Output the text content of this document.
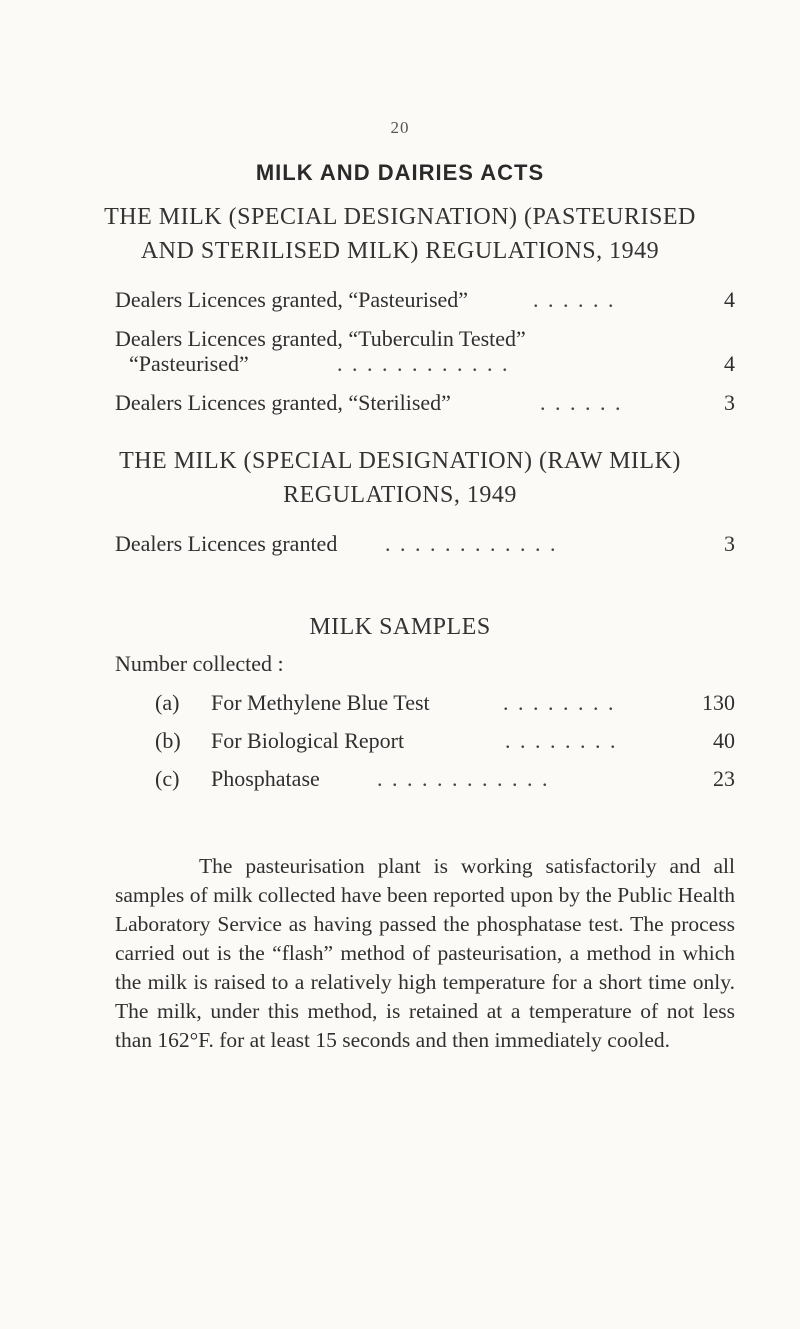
20
MILK AND DAIRIES ACTS
THE MILK (SPECIAL DESIGNATION) (PASTEURISED
AND STERILISED MILK) REGULATIONS, 1949
Dealers Licences granted, “Pasteurised”	. . . . . .	4
Dealers Licences granted, “Tuberculin Tested”
“Pasteurised”	. . . . . . . . . . . .	4
Dealers Licences granted, “Sterilised”	. . . . . .	3
THE MILK (SPECIAL DESIGNATION) (RAW MILK)
REGULATIONS, 1949
Dealers Licences granted . . . . . . . . . . . .	3
MILK SAMPLES
Number collected :
(a) For Methylene Blue Test	. . . . . . . .	130
(b) For Biological Report	. . . . . . . .	40
(c) Phosphatase	. . . . . . . . . . . .	23
The pasteurisation plant is working satisfactorily and all samples of milk collected have been reported upon by the Public Health Laboratory Service as having passed the phosphatase test. The process carried out is the “flash” method of pasteurisation, a method in which the milk is raised to a relatively high temperature for a short time only. The milk, under this method, is retained at a temperature of not less than 162°F. for at least 15 seconds and then immediately cooled.
